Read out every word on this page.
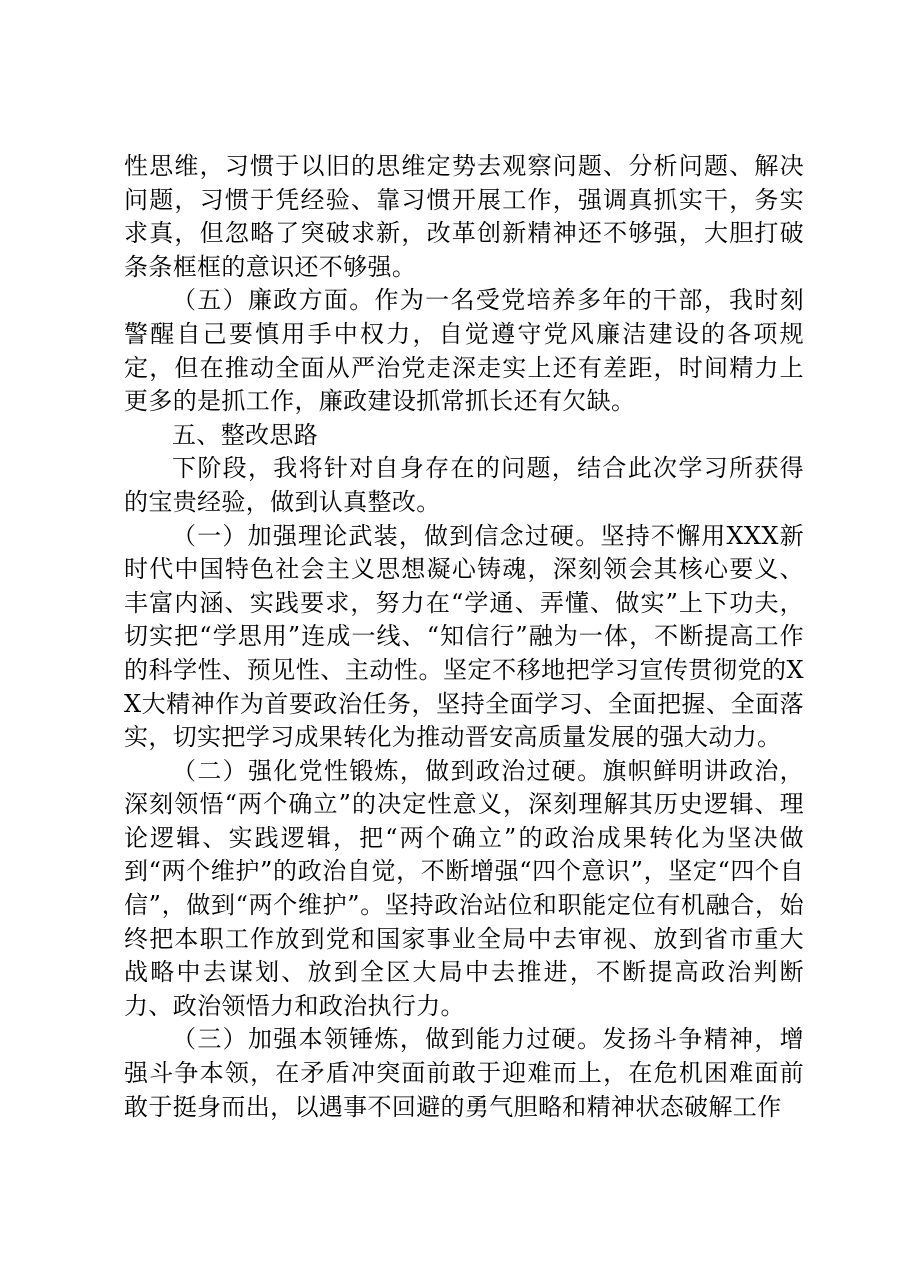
性思维，习惯于以旧的思维定势去观察问题、分析问题、解决问题，习惯于凭经验、靠习惯开展工作，强调真抓实干，务实求真，但忽略了突破求新，改革创新精神还不够强，大胆打破条条框框的意识还不够强。

（五）廉政方面。作为一名受党培养多年的干部，我时刻警醒自己要慎用手中权力，自觉遵守党风廉洁建设的各项规定，但在推动全面从严治党走深走实上还有差距，时间精力上更多的是抓工作，廉政建设抓常抓长还有欠缺。

五、整改思路

下阶段，我将针对自身存在的问题，结合此次学习所获得的宝贵经验，做到认真整改。

（一）加强理论武装，做到信念过硬。坚持不懈用XXX新时代中国特色社会主义思想凝心铸魂，深刻领会其核心要义、丰富内涵、实践要求，努力在“学通、弄懂、做实”上下功夫，切实把“学思用”连成一线、“知信行”融为一体，不断提高工作的科学性、预见性、主动性。坚定不移地把学习宣传贯彻党的XX大精神作为首要政治任务，坚持全面学习、全面把握、全面落实，切实把学习成果转化为推动晋安高质量发展的强大动力。

（二）强化党性锻炼，做到政治过硬。旗帜鲜明讲政治，深刻领悟“两个确立”的决定性意义，深刻理解其历史逻辑、理论逻辑、实践逻辑，把“两个确立”的政治成果转化为坚决做到“两个维护”的政治自觉，不断增强“四个意识”，坚定“四个自信”，做到“两个维护”。坚持政治站位和职能定位有机融合，始终把本职工作放到党和国家事业全局中去审视、放到省市重大战略中去谋划、放到全区大局中去推进，不断提高政治判断力、政治领悟力和政治执行力。

（三）加强本领锤炼，做到能力过硬。发扬斗争精神，增强斗争本领，在矛盾冲突面前敢于迎难而上，在危机困难面前敢于挺身而出，以遇事不回避的勇气胆略和精神状态破解工作
